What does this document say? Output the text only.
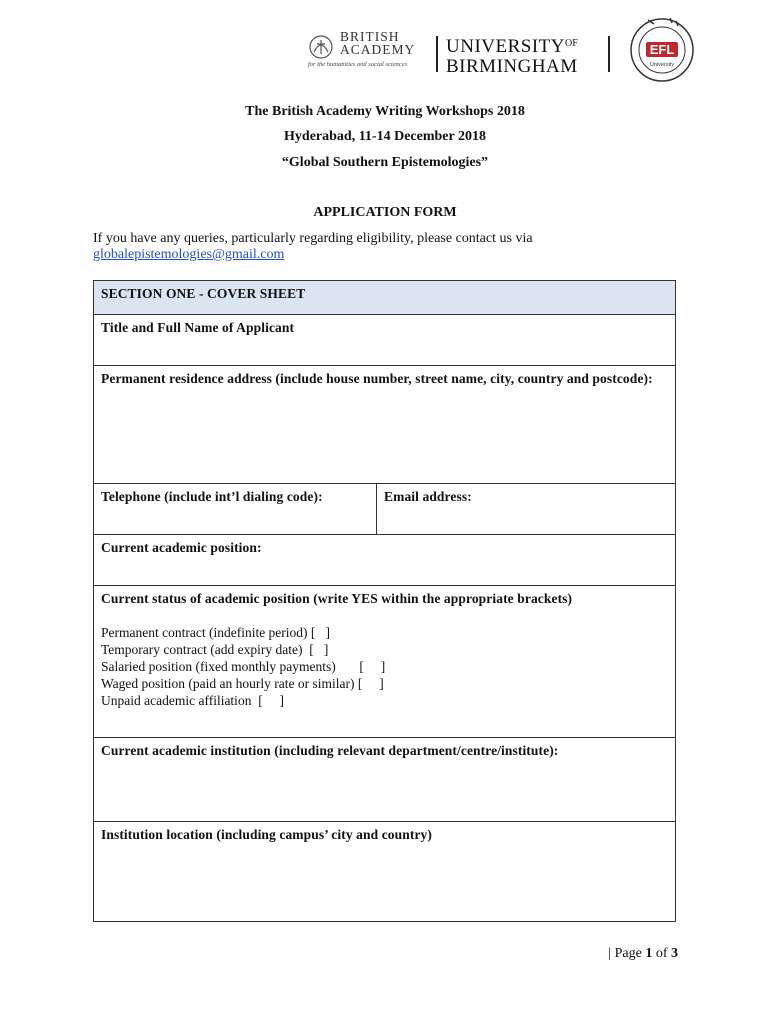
BRITISH
ACADEMY
for the humanities and social sciences
$UNIVERSITY^{OF}$
BIRMINGHAM
EFL
University
The British Academy Writing Workshops 2018
Hyderabad, 11-14 December 2018
“Global Southern Epistemologies”
APPLICATION FORM
If you have any queries, particularly regarding eligibility, please contact us via
globalepistemologies@gmail.com
SECTION ONE - COVER SHEET
Title and Full Name of Applicant
Permanent residence address (include house number, street name, city, country and postcode):
Telephone (include int’l dialing code):	Email address:
Current academic position:
Current status of academic position (write YES within the appropriate brackets)
Permanent contract (indefinite period) [   ]
Temporary contract (add expiry date)  [   ]
Salaried position (fixed monthly payments)       [     ]
Waged position (paid an hourly rate or similar) [     ]
Unpaid academic affiliation  [     ]
Current academic institution (including relevant department/centre/institute):
Institution location (including campus’ city and country)
| Page 1 of 3
